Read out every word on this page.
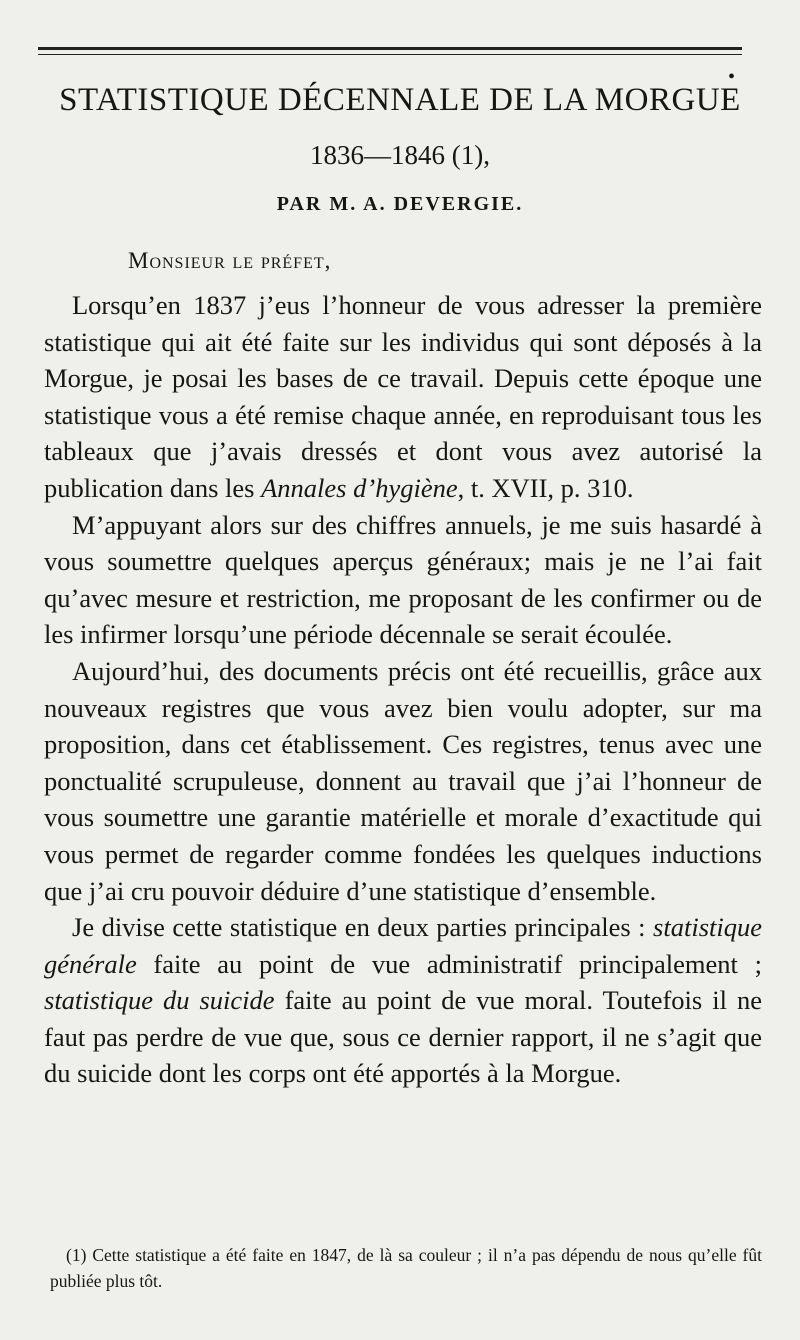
•
STATISTIQUE DÉCENNALE DE LA MORGUE
1836—1846 (1),
PAR M. A. DEVERGIE.
Monsieur le préfet,

Lorsqu’en 1837 j’eus l’honneur de vous adresser la première statistique qui ait été faite sur les individus qui sont déposés à la Morgue, je posai les bases de ce travail. Depuis cette époque une statistique vous a été remise chaque année, en reproduisant tous les tableaux que j’avais dressés et dont vous avez autorisé la publication dans les Annales d’hygiène, t. XVII, p. 310.

M’appuyant alors sur des chiffres annuels, je me suis hasardé à vous soumettre quelques aperçus généraux; mais je ne l’ai fait qu’avec mesure et restriction, me proposant de les confirmer ou de les infirmer lorsqu’une période décennale se serait écoulée.

Aujourd’hui, des documents précis ont été recueillis, grâce aux nouveaux registres que vous avez bien voulu adopter, sur ma proposition, dans cet établissement. Ces registres, tenus avec une ponctualité scrupuleuse, donnent au travail que j’ai l’honneur de vous soumettre une garantie matérielle et morale d’exactitude qui vous permet de regarder comme fondées les quelques inductions que j’ai cru pouvoir déduire d’une statistique d’ensemble.

Je divise cette statistique en deux parties principales : statistique générale faite au point de vue administratif principalement ; statistique du suicide faite au point de vue moral. Toutefois il ne faut pas perdre de vue que, sous ce dernier rapport, il ne s’agit que du suicide dont les corps ont été apportés à la Morgue.

(1) Cette statistique a été faite en 1847, de là sa couleur ; il n’a pas dépendu de nous qu’elle fût publiée plus tôt.
